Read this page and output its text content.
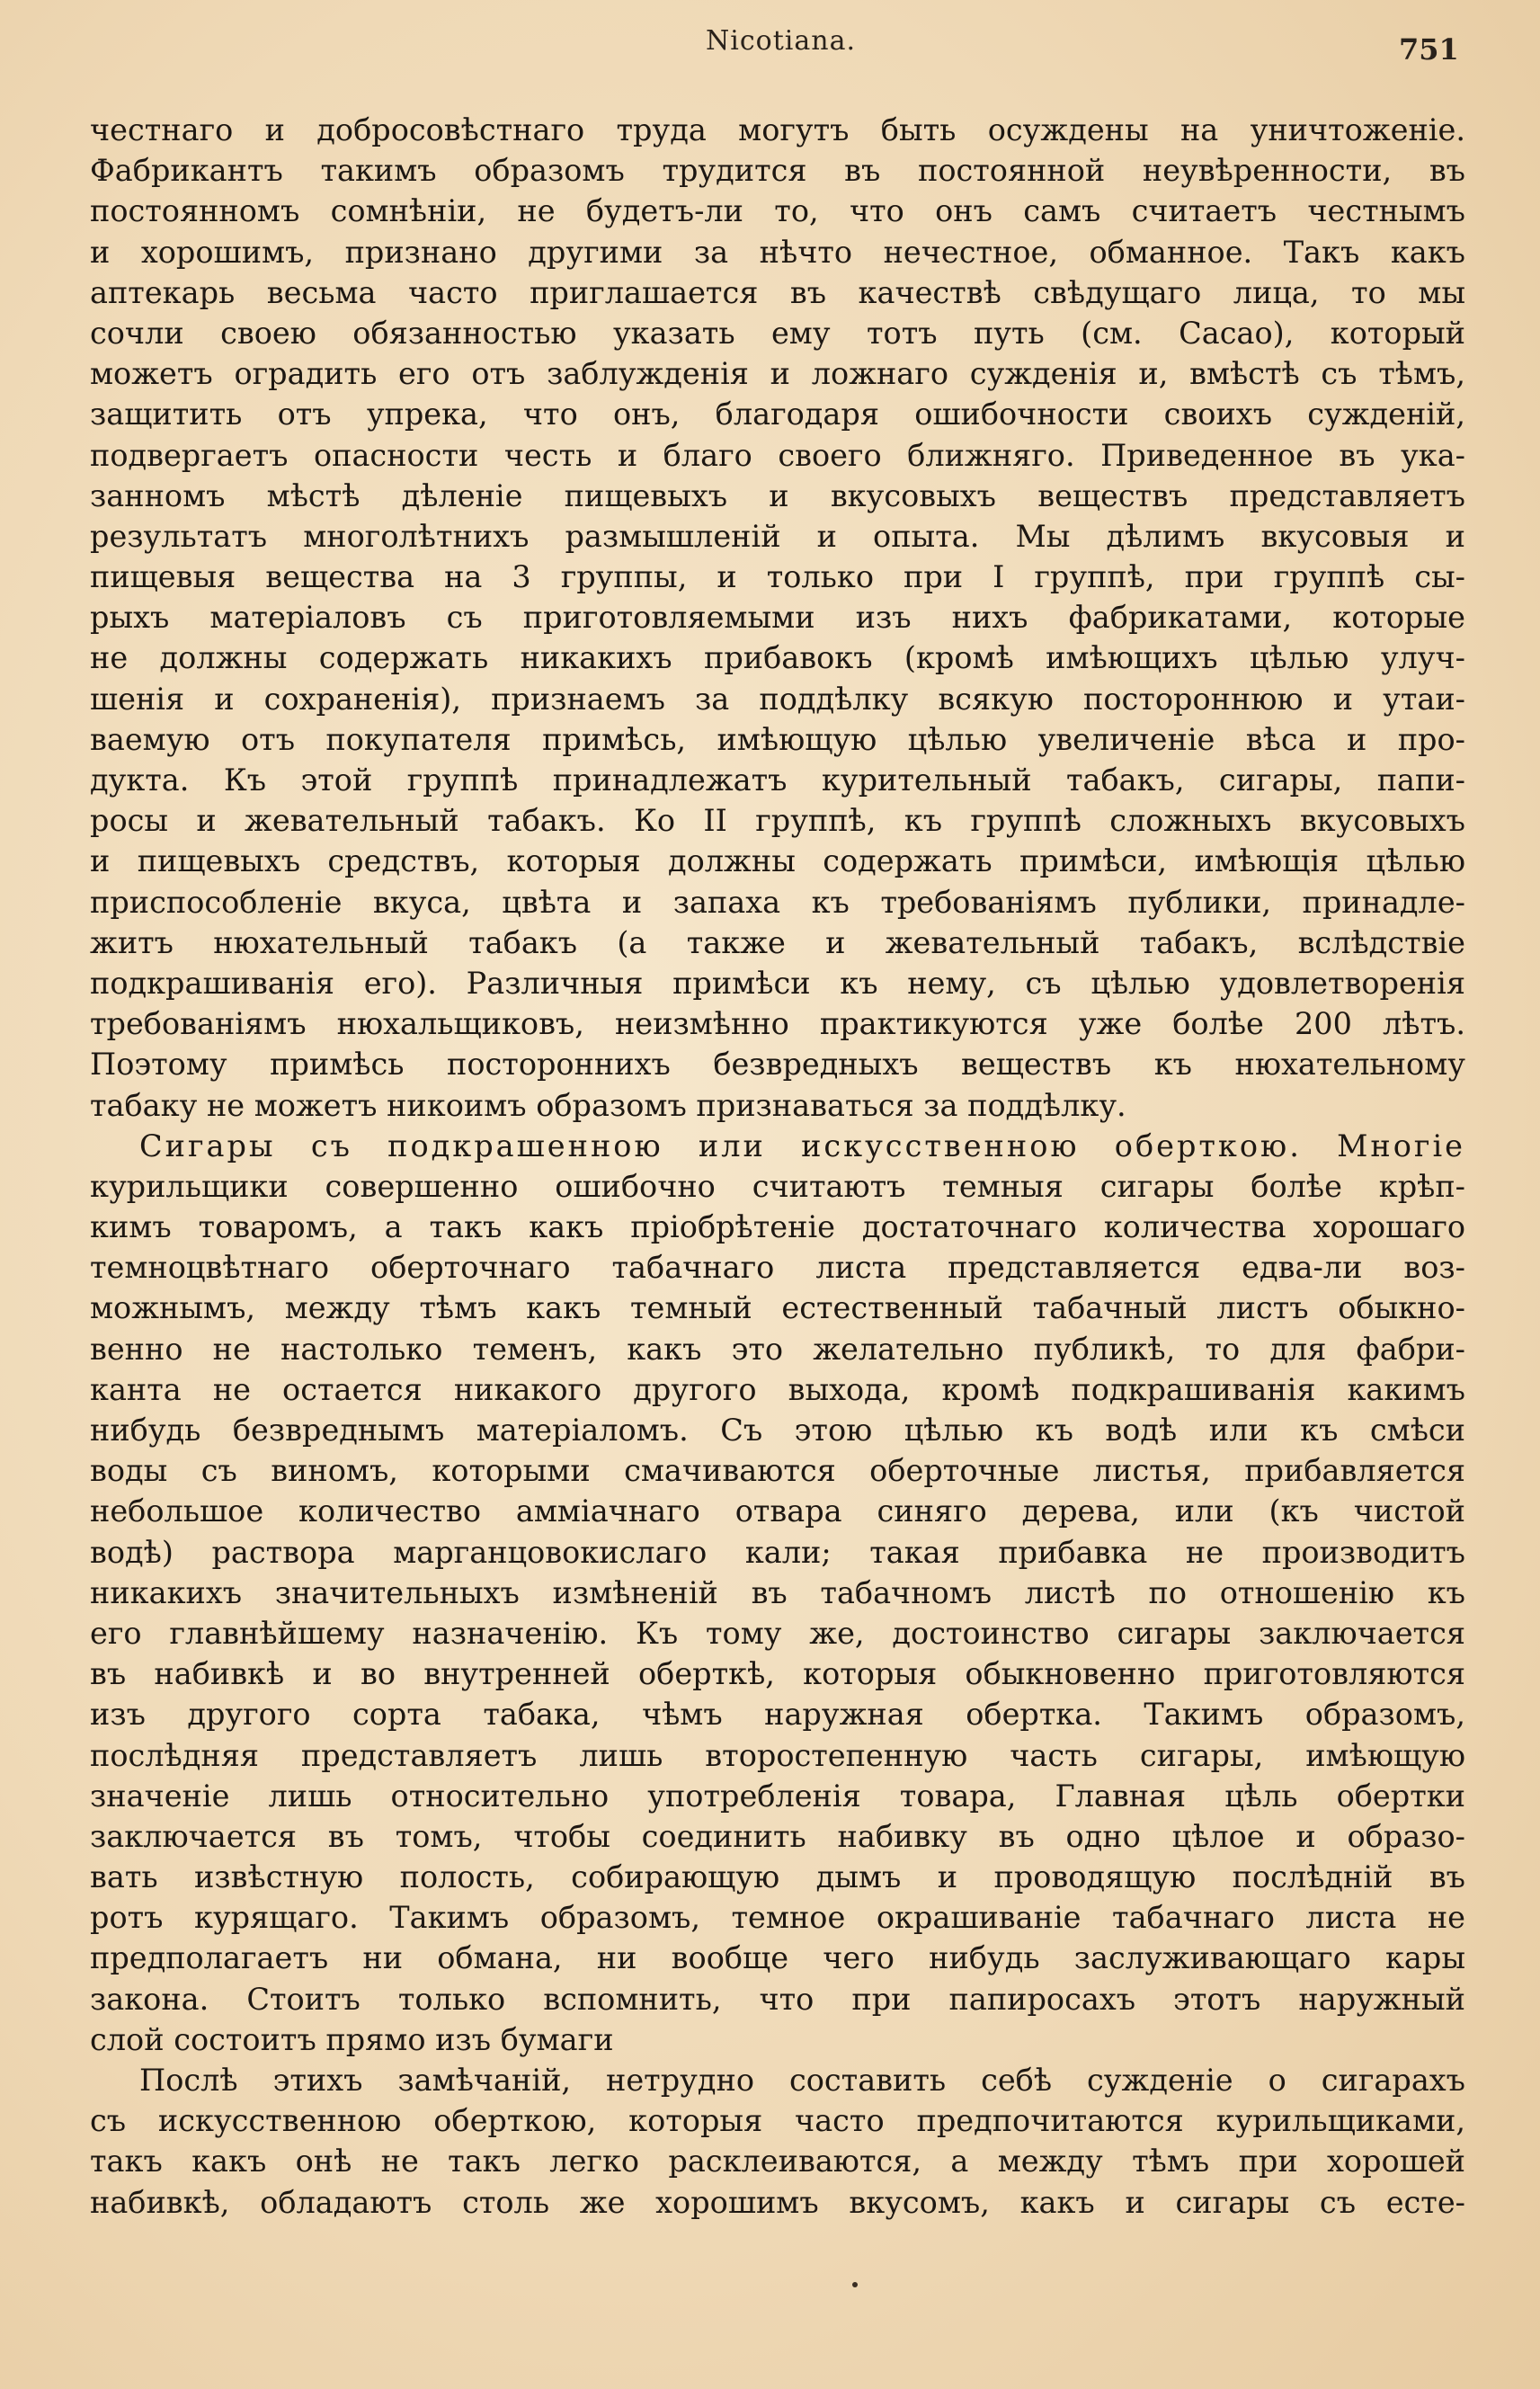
Nicotiana.	751
честнаго и добросовѣстнаго труда могутъ быть осуждены на уничтоженіе.
Фабрикантъ такимъ образомъ трудится въ постоянной неувѣренности, въ
постоянномъ сомнѣніи, не будетъ-ли то, что онъ самъ считаетъ честнымъ
и хорошимъ, признано другими за нѣчто нечестное, обманное. Такъ какъ
аптекарь весьма часто приглашается въ качествѣ свѣдущаго лица, то мы
сочли своею обязанностью указать ему тотъ путь (см. Cacao), который
можетъ оградить его отъ заблужденія и ложнаго сужденія и, вмѣстѣ съ тѣмъ,
защитить отъ упрека, что онъ, благодаря ошибочности своихъ сужденій,
подвергаетъ опасности честь и благо своего ближняго. Приведенное въ ука-
занномъ мѣстѣ дѣленіе пищевыхъ и вкусовыхъ веществъ представляетъ
результатъ многолѣтнихъ размышленій и опыта. Мы дѣлимъ вкусовыя и
пищевыя вещества на 3 группы, и только при I группѣ, при группѣ сы-
рыхъ матеріаловъ съ приготовляемыми изъ нихъ фабрикатами, которые
не должны содержать никакихъ прибавокъ (кромѣ имѣющихъ цѣлью улуч-
шенія и сохраненія), признаемъ за поддѣлку всякую постороннюю и утаи-
ваемую отъ покупателя примѣсь, имѣющую цѣлью увеличеніе вѣса и про-
дукта. Къ этой группѣ принадлежатъ курительный табакъ, сигары, папи-
росы и жевательный табакъ. Ко II группѣ, къ группѣ сложныхъ вкусовыхъ
и пищевыхъ средствъ, которыя должны содержать примѣси, имѣющія цѣлью
приспособленіе вкуса, цвѣта и запаха къ требованіямъ публики, принадле-
житъ нюхательный табакъ (а также и жевательный табакъ, вслѣдствіе
подкрашиванія его). Различныя примѣси къ нему, съ цѣлью удовлетворенія
требованіямъ нюхальщиковъ, неизмѣнно практикуются уже болѣе 200 лѣтъ.
Поэтому примѣсь постороннихъ безвредныхъ веществъ къ нюхательному
табаку не можетъ никоимъ образомъ признаваться за поддѣлку.
Сигары съ подкрашенною или искусственною оберткою. Многіе
курильщики совершенно ошибочно считаютъ темныя сигары болѣе крѣп-
кимъ товаромъ, а такъ какъ пріобрѣтеніе достаточнаго количества хорошаго
темноцвѣтнаго оберточнаго табачнаго листа представляется едва-ли воз-
можнымъ, между тѣмъ какъ темный естественный табачный листъ обыкно-
венно не настолько теменъ, какъ это желательно публикѣ, то для фабри-
канта не остается никакого другого выхода, кромѣ подкрашиванія какимъ
нибудь безвреднымъ матеріаломъ. Съ этою цѣлью къ водѣ или къ смѣси
воды съ виномъ, которыми смачиваются оберточные листья, прибавляется
небольшое количество амміачнаго отвара синяго дерева, или (къ чистой
водѣ) раствора марганцовокислаго кали; такая прибавка не производитъ
никакихъ значительныхъ измѣненій въ табачномъ листѣ по отношенію къ
его главнѣйшему назначенію. Къ тому же, достоинство сигары заключается
въ набивкѣ и во внутренней оберткѣ, которыя обыкновенно приготовляются
изъ другого сорта табака, чѣмъ наружная обертка. Такимъ образомъ,
послѣдняя представляетъ лишь второстепенную часть сигары, имѣющую
значеніе лишь относительно употребленія товара, Главная цѣль обертки
заключается въ томъ, чтобы соединить набивку въ одно цѣлое и образо-
вать извѣстную полость, собирающую дымъ и проводящую послѣдній въ
ротъ курящаго. Такимъ образомъ, темное окрашиваніе табачнаго листа не
предполагаетъ ни обмана, ни вообще чего нибудь заслуживающаго кары
закона. Стоитъ только вспомнить, что при папиросахъ этотъ наружный
слой состоитъ прямо изъ бумаги
Послѣ этихъ замѣчаній, нетрудно составить себѣ сужденіе о сигарахъ
съ искусственною оберткою, которыя часто предпочитаются курильщиками,
такъ какъ онѣ не такъ легко расклеиваются, а между тѣмъ при хорошей
набивкѣ, обладаютъ столь же хорошимъ вкусомъ, какъ и сигары съ есте-
